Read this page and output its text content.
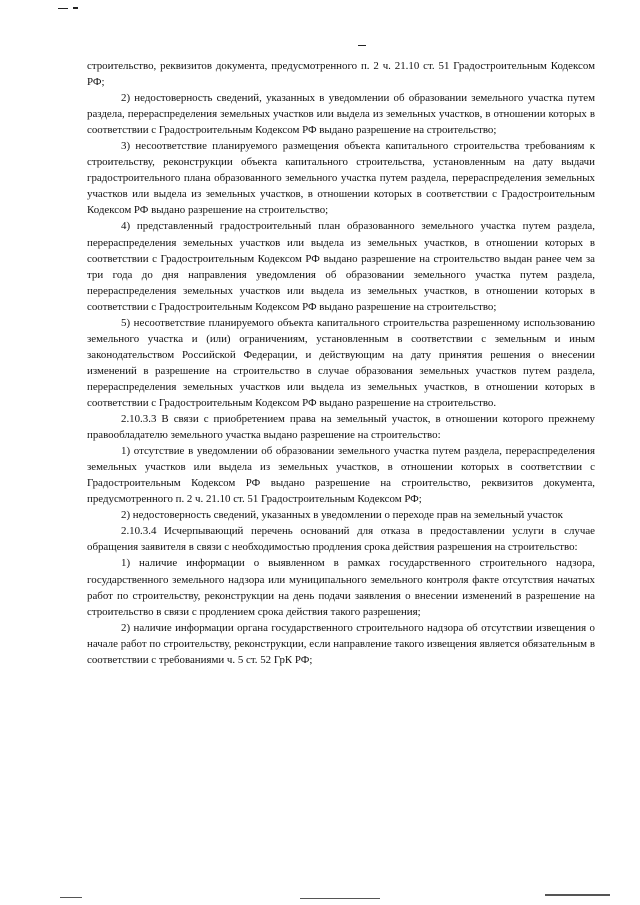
строительство, реквизитов документа, предусмотренного п. 2 ч. 21.10 ст. 51 Градостроительным Кодексом РФ;

2) недостоверность сведений, указанных в уведомлении об образовании земельного участка путем раздела, перераспределения земельных участков или выдела из земельных участков, в отношении которых в соответствии с Градостроительным Кодексом РФ выдано разрешение на строительство;

3) несоответствие планируемого размещения объекта капитального строительства требованиям к строительству, реконструкции объекта капитального строительства, установленным на дату выдачи градостроительного плана образованного земельного участка путем раздела, перераспределения земельных участков или выдела из земельных участков, в отношении которых в соответствии с Градостроительным Кодексом РФ выдано разрешение на строительство;

4) представленный градостроительный план образованного земельного участка путем раздела, перераспределения земельных участков или выдела из земельных участков, в отношении которых в соответствии с Градостроительным Кодексом РФ выдано разрешение на строительство выдан ранее чем за три года до дня направления уведомления об образовании земельного участка путем раздела, перераспределения земельных участков или выдела из земельных участков, в отношении которых в соответствии с Градостроительным Кодексом РФ выдано разрешение на строительство;

5) несоответствие планируемого объекта капитального строительства разрешенному использованию земельного участка и (или) ограничениям, установленным в соответствии с земельным и иным законодательством Российской Федерации, и действующим на дату принятия решения о внесении изменений в разрешение на строительство в случае образования земельных участков путем раздела, перераспределения земельных участков или выдела из земельных участков, в отношении которых в соответствии с Градостроительным Кодексом РФ выдано разрешение на строительство.

2.10.3.3 В связи с приобретением права на земельный участок, в отношении которого прежнему правообладателю земельного участка выдано разрешение на строительство:

1) отсутствие в уведомлении об образовании земельного участка путем раздела, перераспределения земельных участков или выдела из земельных участков, в отношении которых в соответствии с Градостроительным Кодексом РФ выдано разрешение на строительство, реквизитов документа, предусмотренного п. 2 ч. 21.10 ст. 51 Градостроительным Кодексом РФ;

2) недостоверность сведений, указанных в уведомлении о переходе прав на земельный участок

2.10.3.4 Исчерпывающий перечень оснований для отказа в предоставлении услуги в случае обращения заявителя в связи с необходимостью продления срока действия разрешения на строительство:

1) наличие информации о выявленном в рамках государственного строительного надзора, государственного земельного надзора или муниципального земельного контроля факте отсутствия начатых работ по строительству, реконструкции на день подачи заявления о внесении изменений в разрешение на строительство в связи с продлением срока действия такого разрешения;

2) наличие информации органа государственного строительного надзора об отсутствии извещения о начале работ по строительству, реконструкции, если направление такого извещения является обязательным в соответствии с требованиями ч. 5 ст. 52 ГрК РФ;
